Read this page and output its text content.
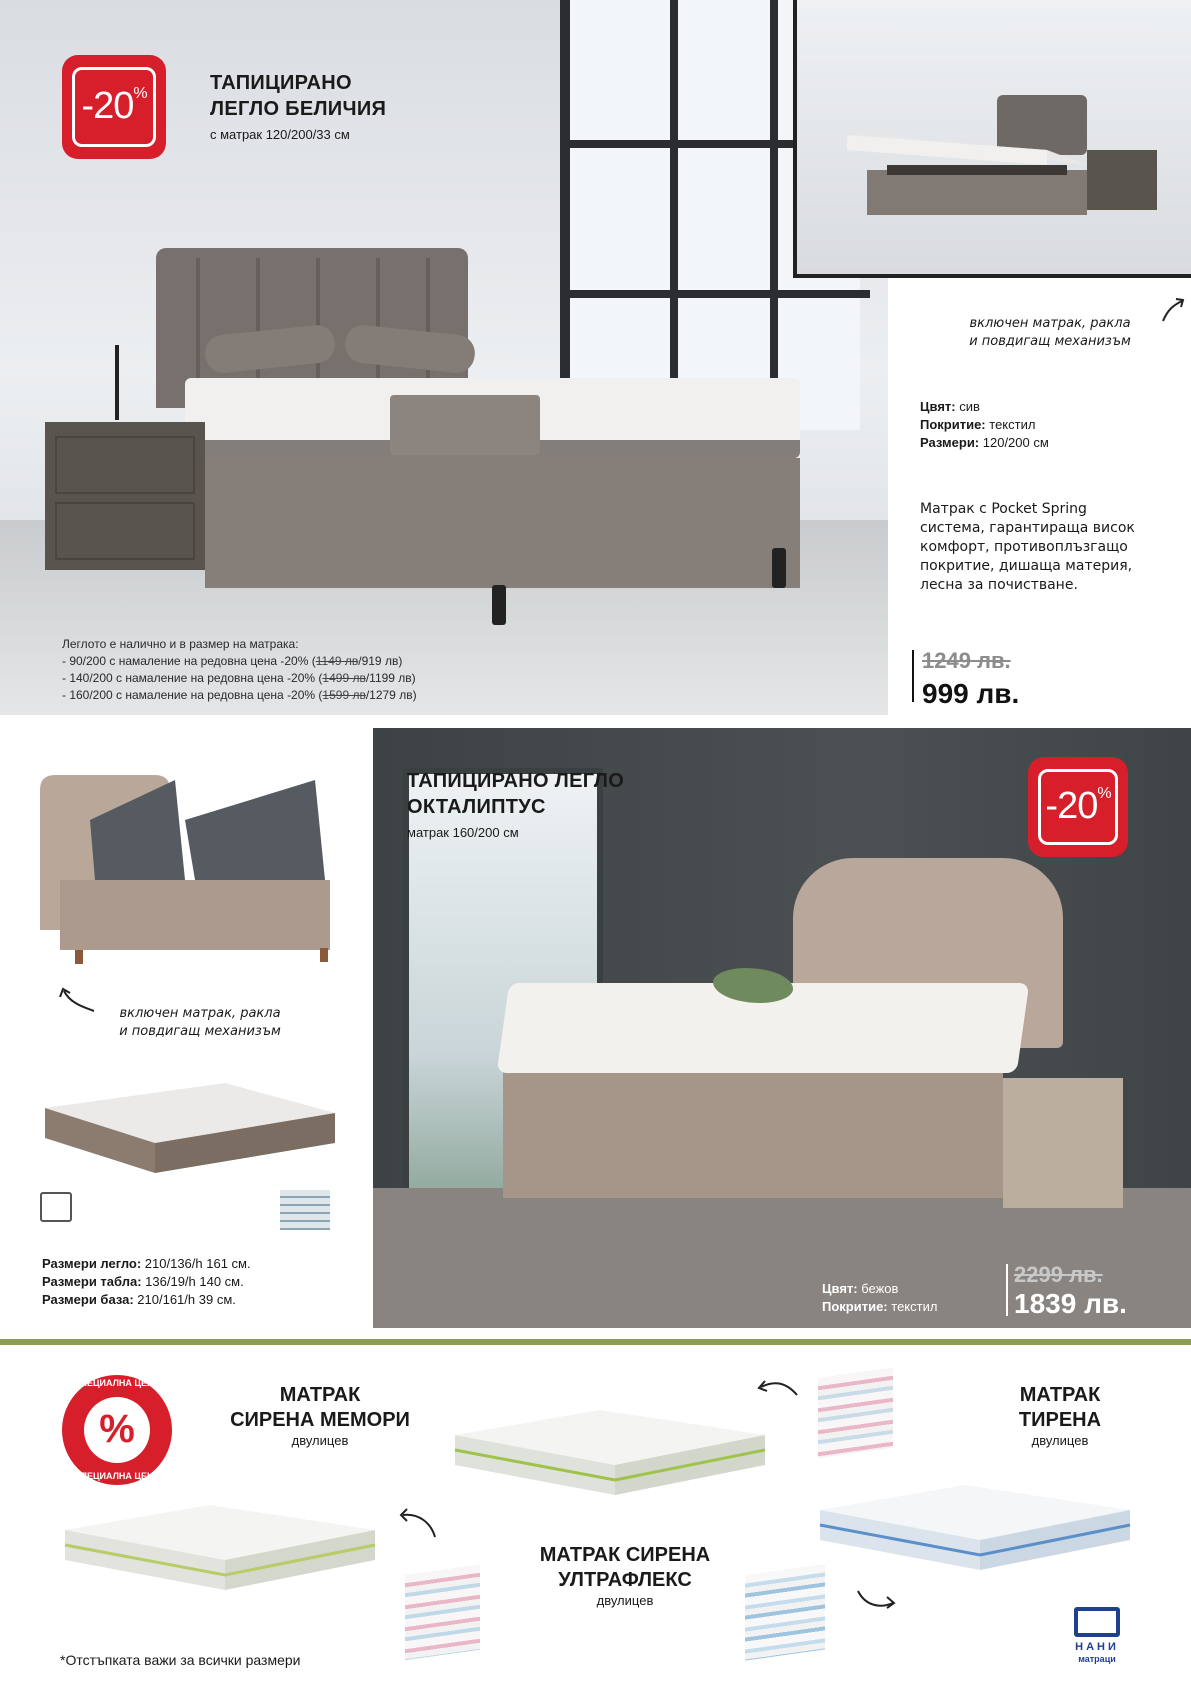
-20%	ТАПИЦИРАНО
ЛЕГЛО БЕЛИЧИЯ
с матрак 120/200/33 см
включен матрак, ракла
и повдигащ механизъм
Цвят: сив
Покритие: текстил
Размери: 120/200 см
Матрак с Pocket Spring
система, гарантираща висок
комфорт, противоплъзгащо
покритие, дишаща материя,
лесна за почистване.
1249 лв.
999 лв.
Леглото е налично и в размер на матрака:
- 90/200 с намаление на редовна цена -20% (1149 лв/919 лв)
- 140/200 с намаление на редовна цена -20% (1499 лв/1199 лв)
- 160/200 с намаление на редовна цена -20% (1599 лв/1279 лв)
включен матрак, ракла
и повдигащ механизъм
Размери легло: 210/136/h 161 см.
Размери табла: 136/19/h 140 см.
Размери база: 210/161/h 39 см.
ТАПИЦИРАНО ЛЕГЛО
ОКТАЛИПТУС
матрак 160/200 см
-20%
Цвят: бежов
Покритие: текстил
2299 лв.
1839 лв.
СПЕЦИАЛНА ЦЕНА
%
СПЕЦИАЛНА ЦЕНА
МАТРАК
СИРЕНА МЕМОРИ
двулицев
МАТРАК
ТИРЕНА
двулицев
МАТРАК СИРЕНА
УЛТРАФЛЕКС
двулицев
*Отстъпката важи за всички размери
НАНИ
матраци
